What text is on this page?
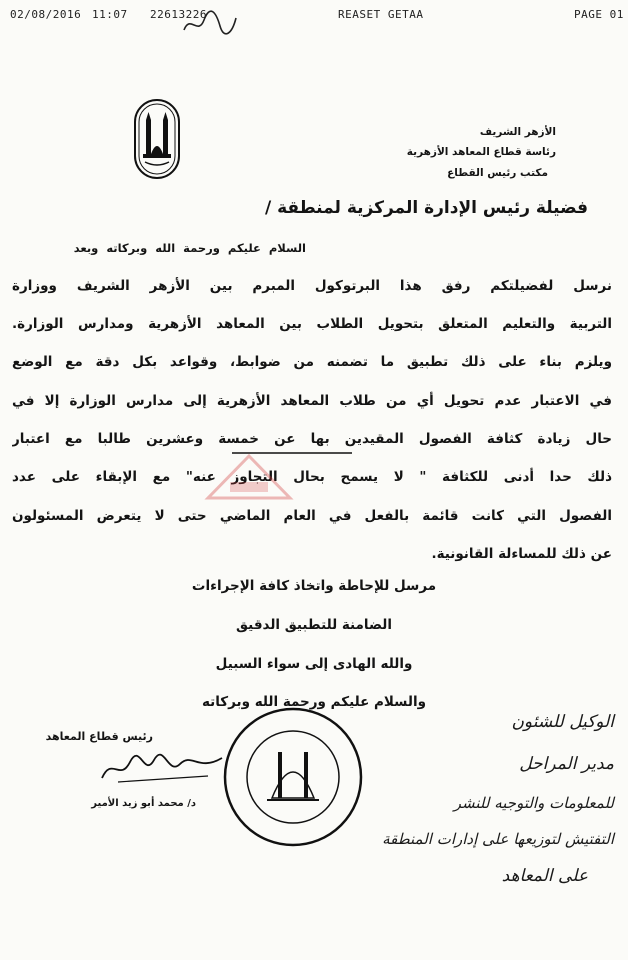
02/08/2016 11:07 22613226	REASET GETAA	PAGE 01
الأزهر الشريف
رئاسة قطاع المعاهد الأزهرية
مكتب رئيس القطاع
فضيلة رئيس الإدارة المركزية لمنطقة /
السلام عليكم ورحمة الله وبركاته وبعد
نرسل لفضيلتكم رفق هذا البرتوكول المبرم بين الأزهر الشريف ووزارة
التربية والتعليم المتعلق بتحويل الطلاب بين المعاهد الأزهرية ومدارس الوزارة.
ويلزم بناء على ذلك تطبيق ما تضمنه من ضوابط، وقواعد بكل دقة مع الوضع
في الاعتبار عدم تحويل أي من طلاب المعاهد الأزهرية إلى مدارس الوزارة إلا في
حال زيادة كثافة الفصول المقيدين بها عن خمسة وعشرين طالبا مع اعتبار
ذلك حدا أدنى للكثافة " لا يسمح بحال التجاوز عنه" مع الإبقاء على عدد
الفصول التي كانت قائمة بالفعل في العام الماضي حتى لا يتعرض المسئولون
عن ذلك للمساءلة القانونية.
مرسل للإحاطة واتخاذ كافة الإجراءات
الضامنة للتطبيق الدقيق
والله الهادى إلى سواء السبيل
والسلام عليكم ورحمة الله وبركاته
رئيس قطاع المعاهد
د/ محمد أبو زيد الأمير
الوكيل للشئون
مدير المراحل
للمعلومات والتوجيه للنشر
التفتيش لتوزيعها على إدارات المنطقة
على المعاهد
